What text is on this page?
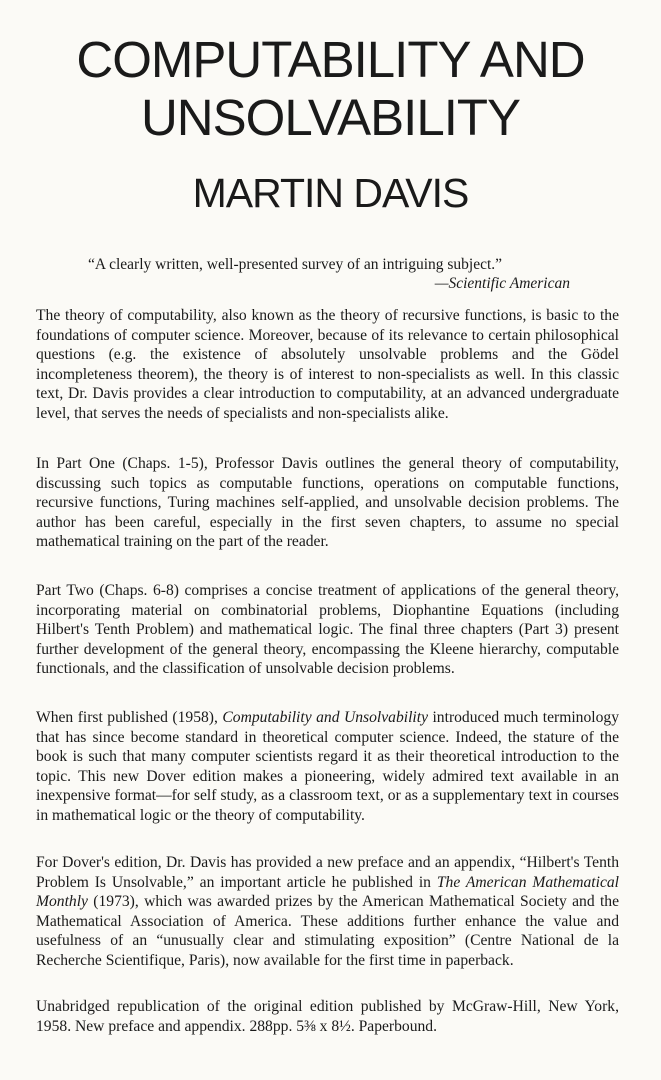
COMPUTABILITY AND
UNSOLVABILITY
MARTIN DAVIS

“A clearly written, well-presented survey of an intriguing subject.”

—Scientific American

The theory of computability, also known as the theory of recursive functions, is basic to the foundations of computer science. Moreover, because of its relevance to certain philosophical questions (e.g. the existence of absolutely unsolvable problems and the Gödel incompleteness theorem), the theory is of interest to non-specialists as well. In this classic text, Dr. Davis provides a clear introduction to computability, at an advanced undergraduate level, that serves the needs of specialists and non-specialists alike.

In Part One (Chaps. 1-5), Professor Davis outlines the general theory of computability, discussing such topics as computable functions, operations on computable functions, recursive functions, Turing machines self-applied, and unsolvable decision problems. The author has been careful, especially in the first seven chapters, to assume no special mathematical training on the part of the reader.

Part Two (Chaps. 6-8) comprises a concise treatment of applications of the general theory, incorporating material on combinatorial problems, Diophantine Equations (including Hilbert's Tenth Problem) and mathematical logic. The final three chapters (Part 3) present further development of the general theory, encompassing the Kleene hierarchy, computable functionals, and the classification of unsolvable decision problems.

When first published (1958), Computability and Unsolvability introduced much terminology that has since become standard in theoretical computer science. Indeed, the stature of the book is such that many computer scientists regard it as their theoretical introduction to the topic. This new Dover edition makes a pioneering, widely admired text available in an inexpensive format—for self study, as a classroom text, or as a supplementary text in courses in mathematical logic or the theory of computability.

For Dover's edition, Dr. Davis has provided a new preface and an appendix, “Hilbert's Tenth Problem Is Unsolvable,” an important article he published in The American Mathematical Monthly (1973), which was awarded prizes by the American Mathematical Society and the Mathematical Association of America. These additions further enhance the value and usefulness of an “unusually clear and stimulating exposition” (Centre National de la Recherche Scientifique, Paris), now available for the first time in paperback.

Unabridged republication of the original edition published by McGraw-Hill, New York, 1958. New preface and appendix. 288pp. 5⅜ x 8½. Paperbound.
